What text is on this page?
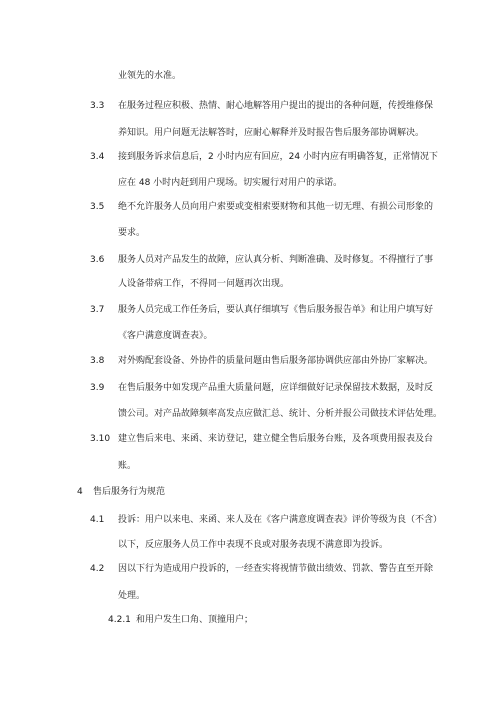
业领先的水准。
3.3 在服务过程应积极、热情、耐心地解答用户提出的提出的各种问题，传授维修保
养知识。用户问题无法解答时，应耐心解释并及时报告售后服务部协调解决。
3.4 接到服务诉求信息后，2 小时内应有回应，24 小时内应有明确答复，正常情况下
应在 48 小时内赶到用户现场。切实履行对用户的承诺。
3.5 绝不允许服务人员向用户索要或变相索要财物和其他一切无理、有损公司形象的
要求。
3.6 服务人员对产品发生的故障，应认真分析、判断准确、及时修复。不得擅行了事
人设备带病工作，不得同一问题再次出现。
3.7 服务人员完成工作任务后，要认真仔细填写《售后服务报告单》和让用户填写好
《客户满意度调查表》。
3.8 对外购配套设备、外协件的质量问题由售后服务部协调供应部由外协厂家解决。
3.9 在售后服务中如发现产品重大质量问题，应详细做好记录保留技术数据，及时反
馈公司。对产品故障频率高发点应做汇总、统计、分析并报公司做技术评估处理。
3.10 建立售后来电、来函、来访登记，建立健全售后服务台账，及各项费用报表及台
账。
4 售后服务行为规范
4.1 投诉：用户以来电、来函、来人及在《客户满意度调查表》评价等级为良（不含）
以下，反应服务人员工作中表现不良或对服务表现不满意即为投诉。
4.2 因以下行为造成用户投诉的，一经查实将视情节做出绩效、罚款、警告直至开除
处理。
4.2.1 和用户发生口角、顶撞用户；
